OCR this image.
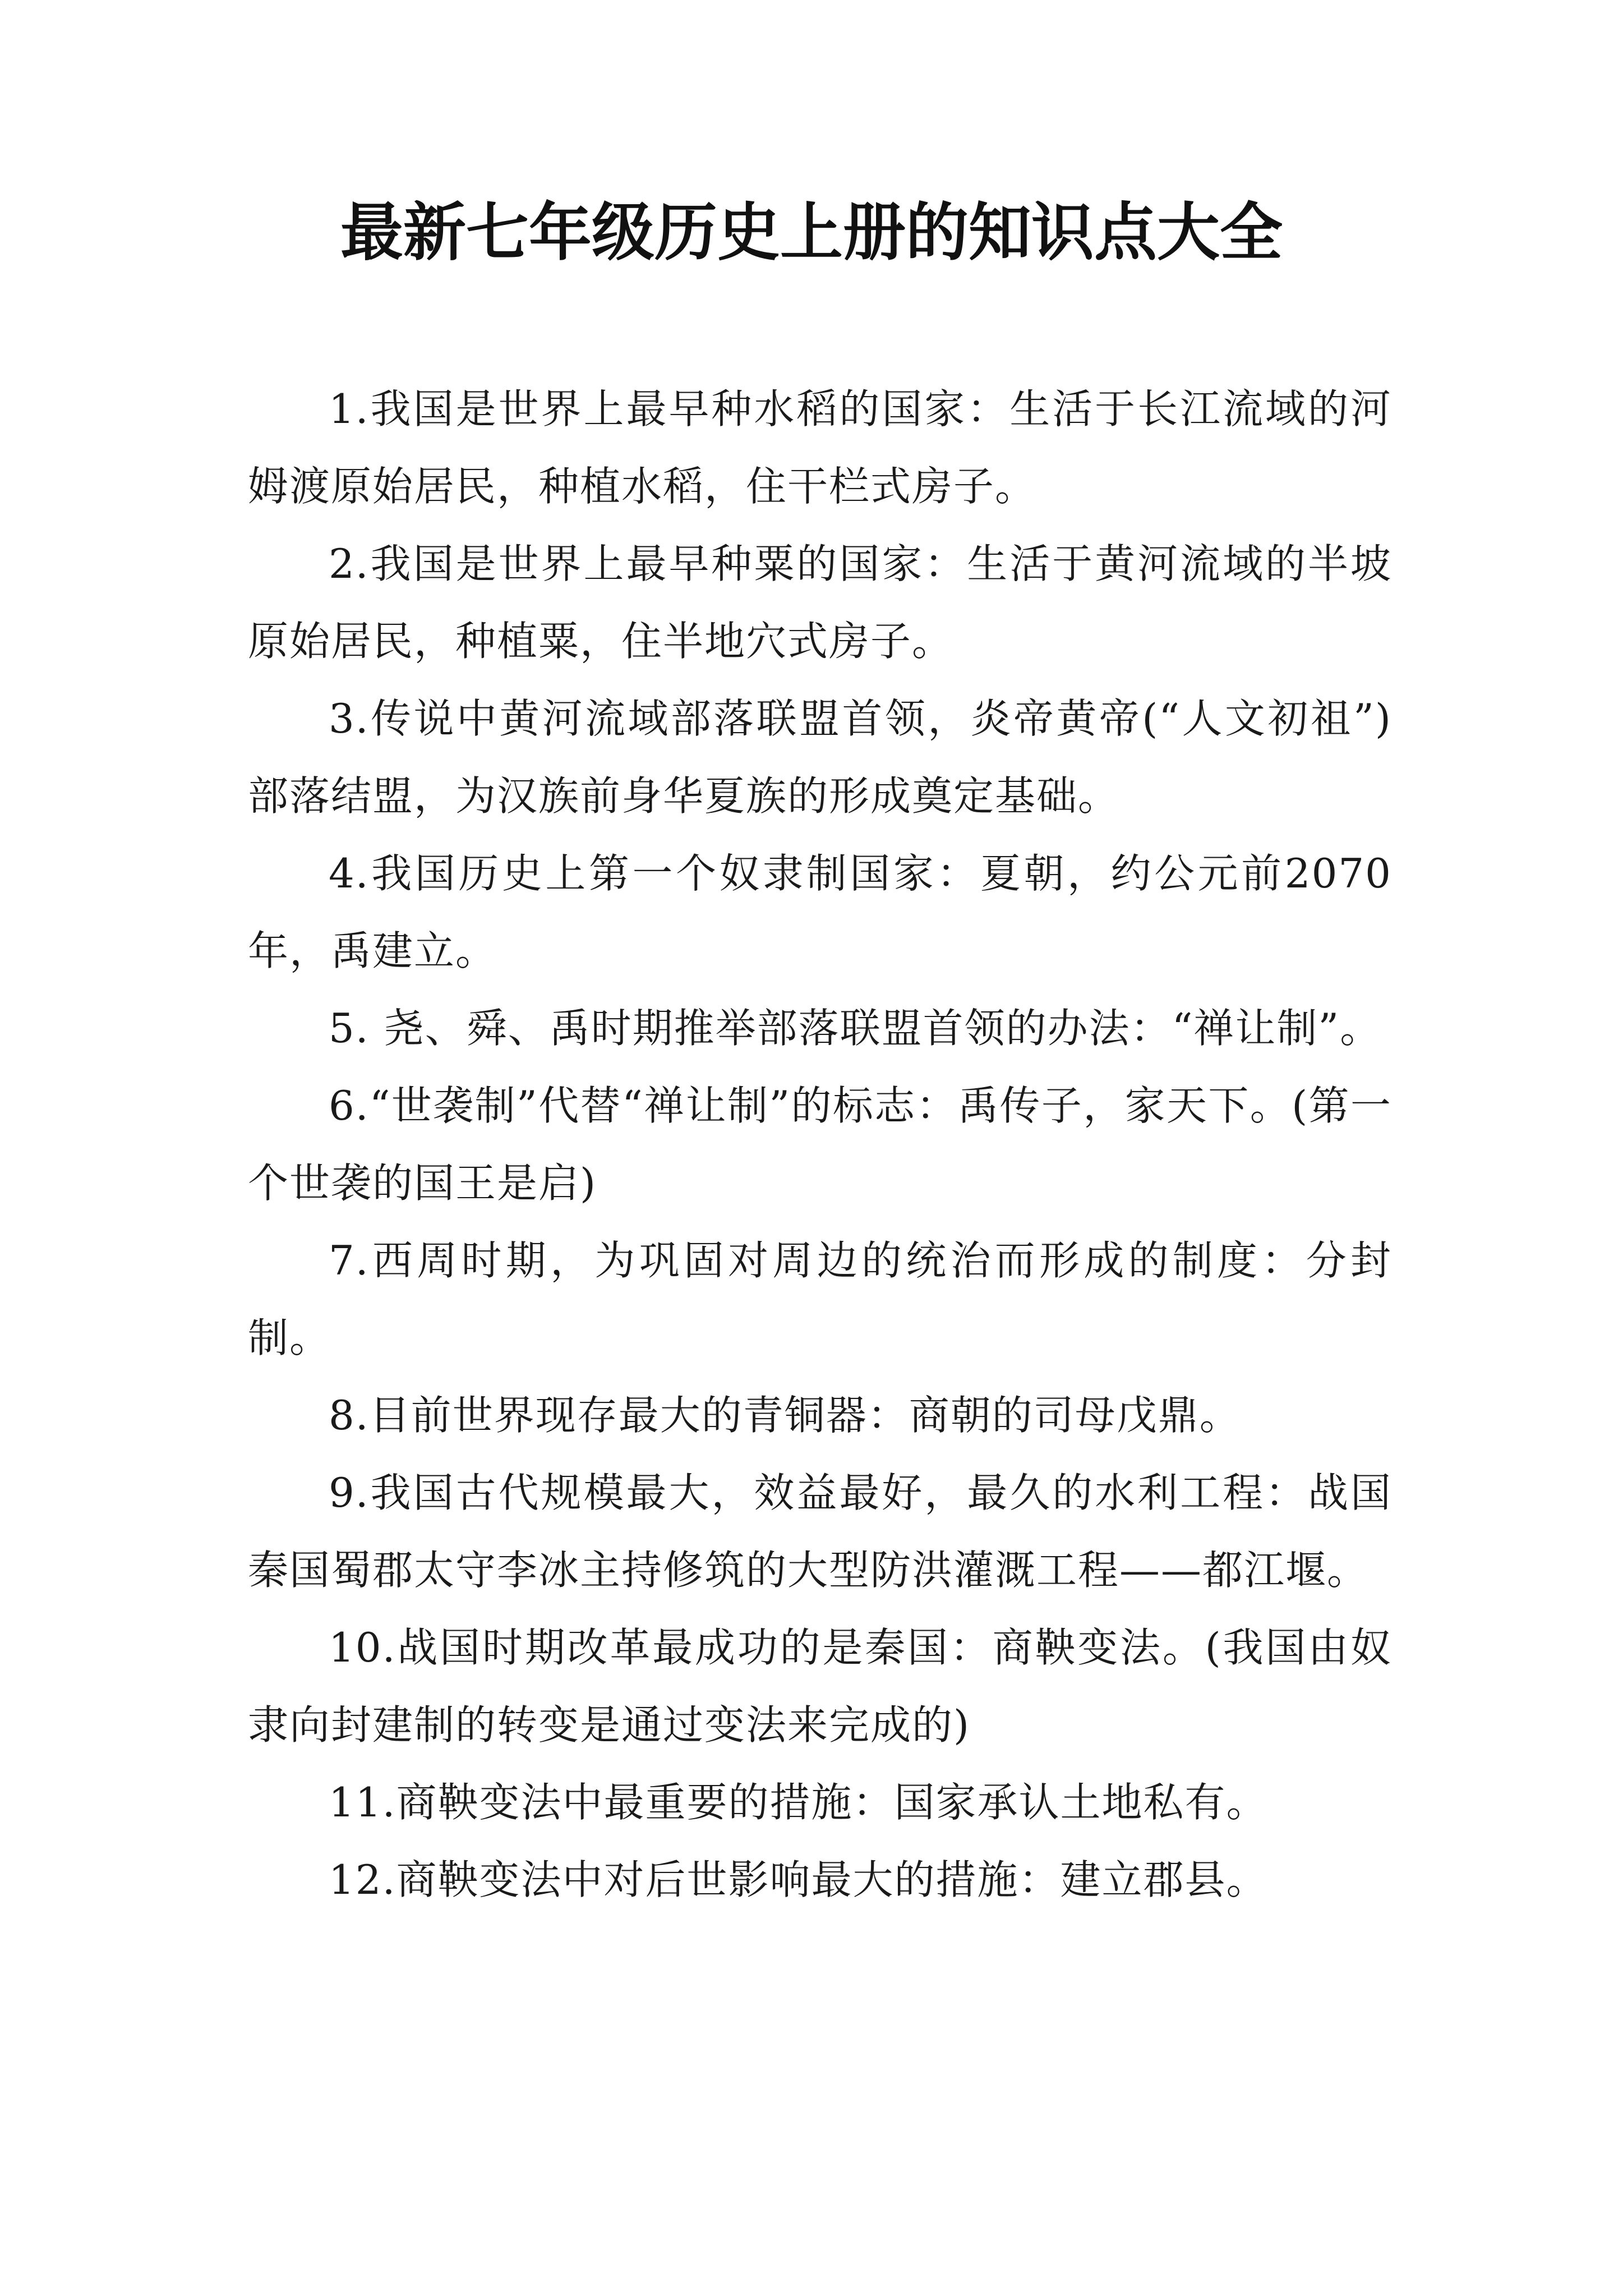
最新七年级历史上册的知识点大全

1.我国是世界上最早种水稻的国家：生活于长江流域的河姆渡原始居民，种植水稻，住干栏式房子。

2.我国是世界上最早种粟的国家：生活于黄河流域的半坡原始居民，种植粟，住半地穴式房子。

3.传说中黄河流域部落联盟首领，炎帝黄帝(“人文初祖”)部落结盟，为汉族前身华夏族的形成奠定基础。

4.我国历史上第一个奴隶制国家：夏朝，约公元前2070年，禹建立。

5. 尧、舜、禹时期推举部落联盟首领的办法：“禅让制”。

6.“世袭制”代替“禅让制”的标志：禹传子，家天下。(第一个世袭的国王是启)

7.西周时期，为巩固对周边的统治而形成的制度：分封制。

8.目前世界现存最大的青铜器：商朝的司母戊鼎。

9.我国古代规模最大，效益最好，最久的水利工程：战国秦国蜀郡太守李冰主持修筑的大型防洪灌溉工程——都江堰。

10.战国时期改革最成功的是秦国：商鞅变法。(我国由奴隶向封建制的转变是通过变法来完成的)

11.商鞅变法中最重要的措施：国家承认土地私有。

12.商鞅变法中对后世影响最大的措施：建立郡县。
